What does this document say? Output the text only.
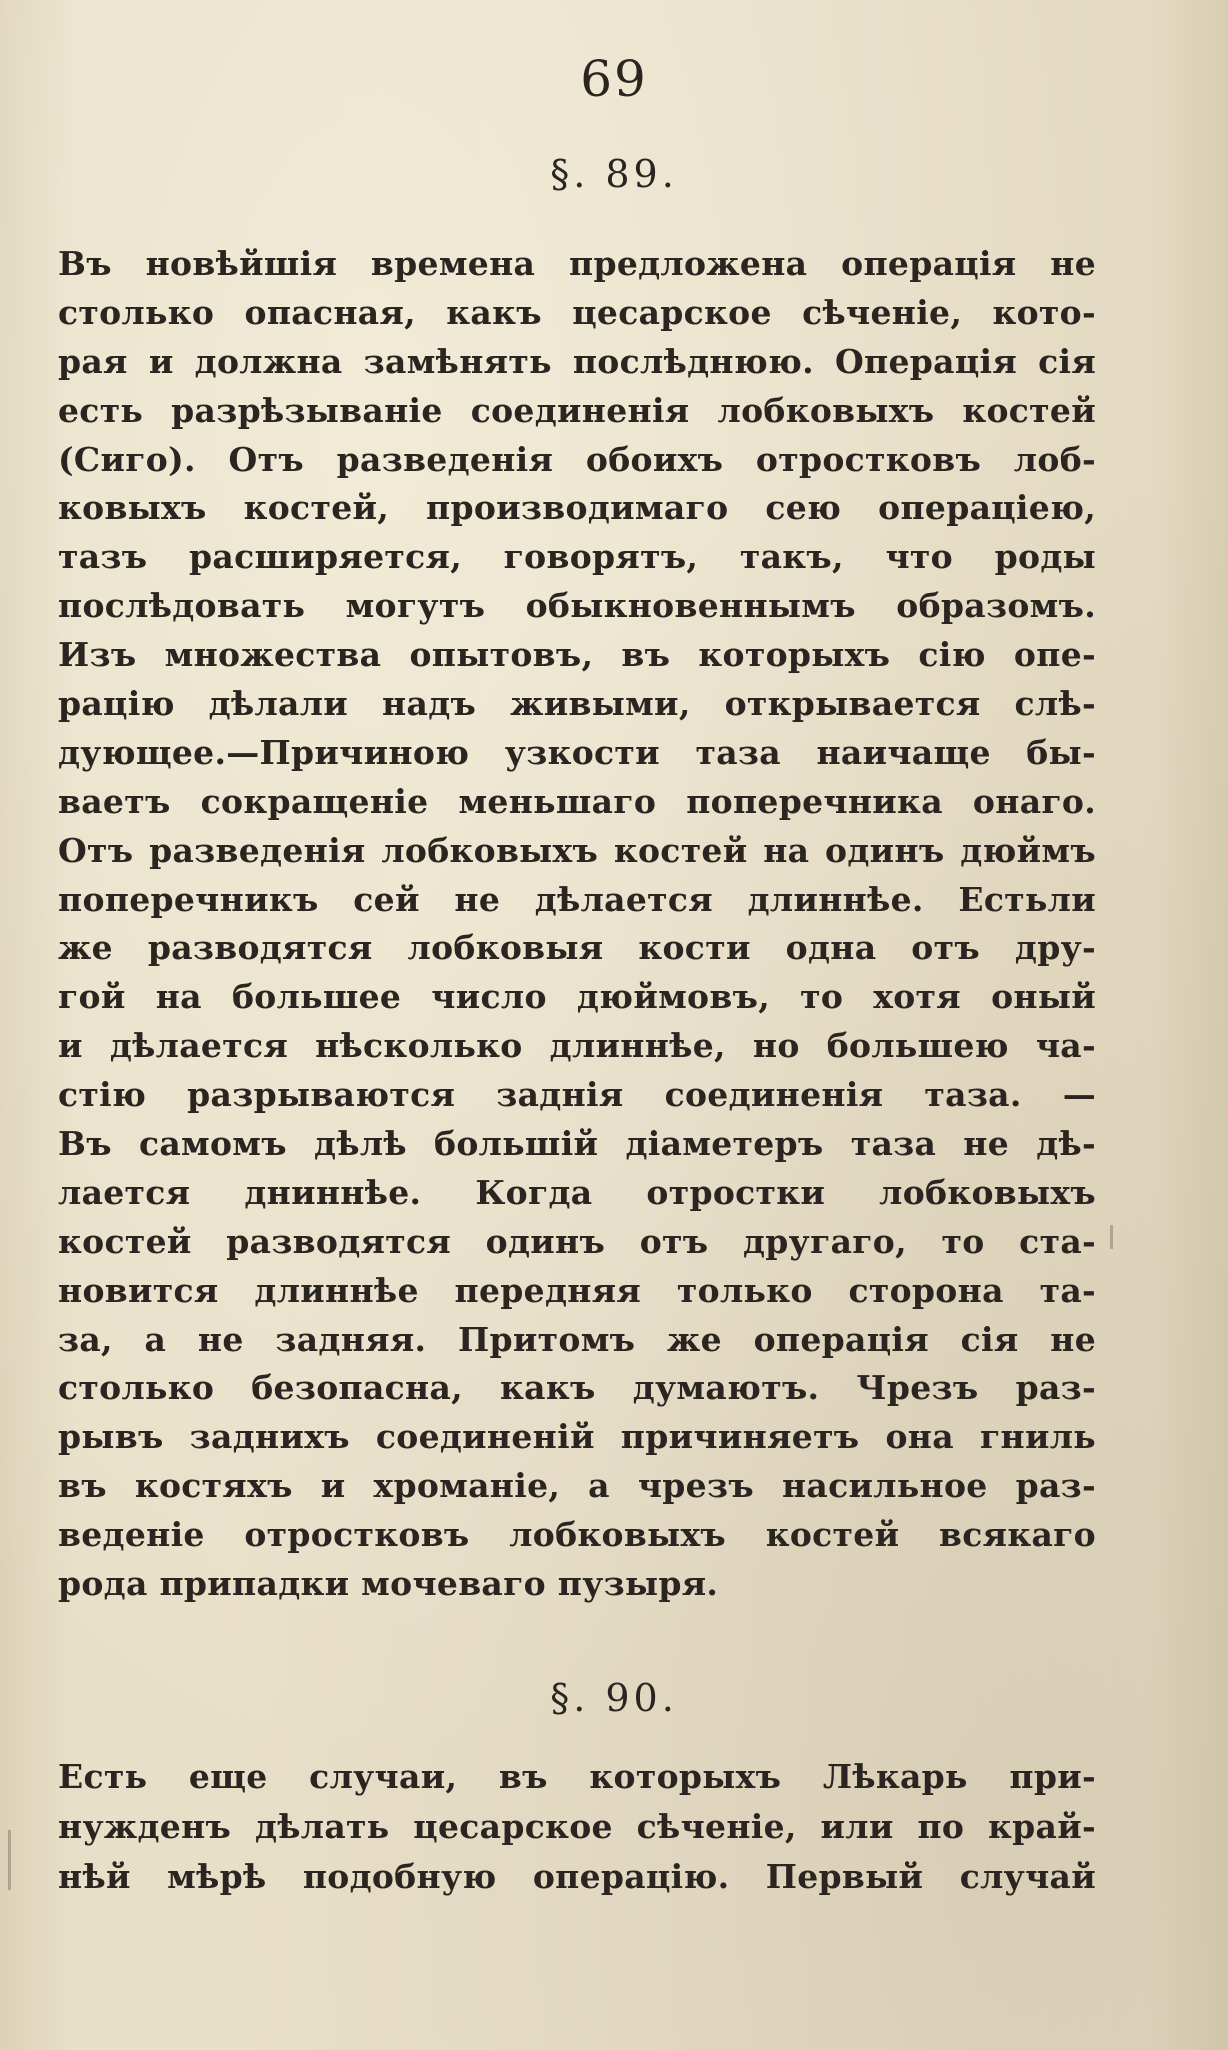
69
§. 89.
Въ новѣйшія времена предложена операція не
столько опасная, какъ цесарское сѣченіе, кото-
рая и должна замѣнять послѣднюю. Операція сія
есть разрѣзываніе соединенія лобковыхъ костей
(Сиго). Отъ разведенія обоихъ отростковъ лоб-
ковыхъ костей, производимаго сею операціею,
тазъ расширяется, говорятъ, такъ, что роды
послѣдовать могутъ обыкновеннымъ образомъ.
Изъ множества опытовъ, въ которыхъ сію опе-
рацію дѣлали надъ живыми, открывается слѣ-
дующее.—Причиною узкости таза наичаще бы-
ваетъ сокращеніе меньшаго поперечника онаго.
Отъ разведенія лобковыхъ костей на одинъ дюймъ
поперечникъ сей не дѣлается длиннѣе. Естьли
же разводятся лобковыя кости одна отъ дру-
гой на большее число дюймовъ, то хотя оный
и дѣлается нѣсколько длиннѣе, но большею ча-
стію разрываются заднія соединенія таза. —
Въ самомъ дѣлѣ большій діаметеръ таза не дѣ-
лается дниннѣе. Когда отростки лобковыхъ
костей разводятся одинъ отъ другаго, то ста-
новится длиннѣе передняя только сторона та-
за, а не задняя. Притомъ же операція сія не
столько безопасна, какъ думаютъ. Чрезъ раз-
рывъ заднихъ соединеній причиняетъ она гниль
въ костяхъ и хроманіе, а чрезъ насильное раз-
веденіе отростковъ лобковыхъ костей всякаго
рода припадки мочеваго пузыря.
§. 90.
Есть еще случаи, въ которыхъ Лѣкарь при-
нужденъ дѣлать цесарское сѣченіе, или по край-
нѣй мѣрѣ подобную операцію. Первый случай
